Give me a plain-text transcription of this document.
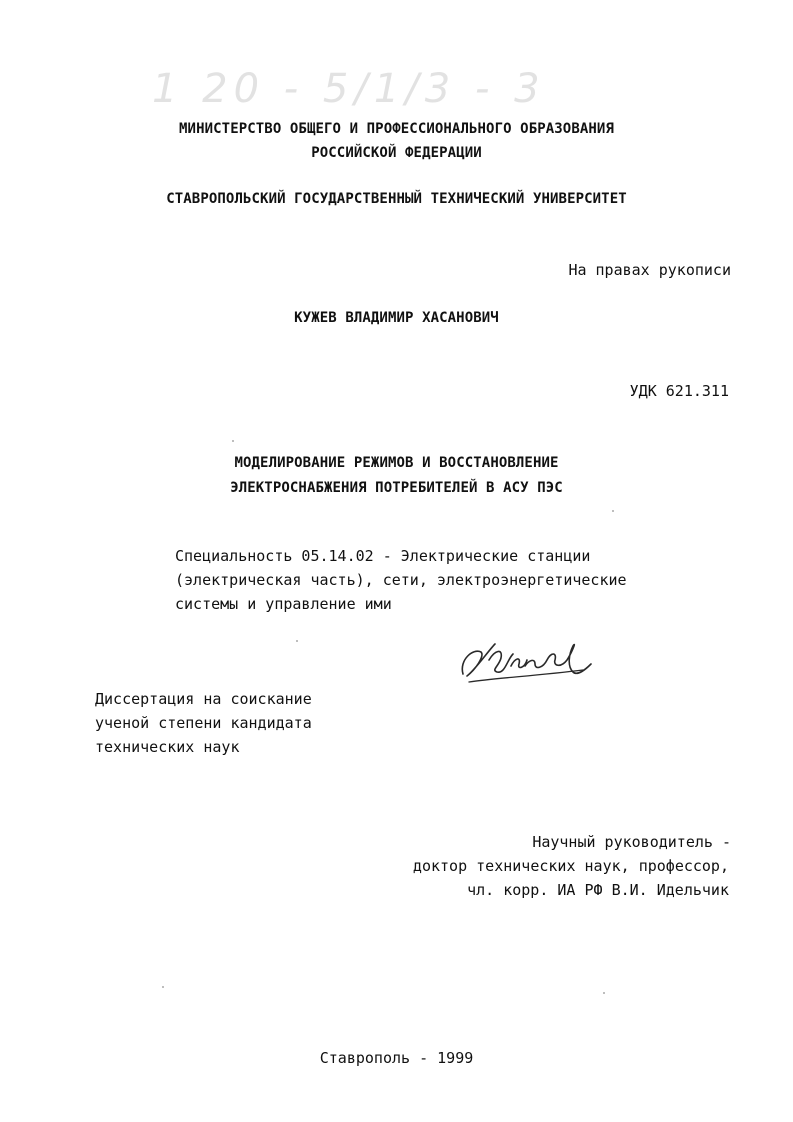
1 20 - 5/1/3 - 3
МИНИСТЕРСТВО ОБЩЕГО И ПРОФЕССИОНАЛЬНОГО ОБРАЗОВАНИЯ
РОССИЙСКОЙ ФЕДЕРАЦИИ
СТАВРОПОЛЬСКИЙ ГОСУДАРСТВЕННЫЙ ТЕХНИЧЕСКИЙ УНИВЕРСИТЕТ
На правах рукописи
КУЖЕВ ВЛАДИМИР ХАСАНОВИЧ
УДК 621.311
МОДЕЛИРОВАНИЕ РЕЖИМОВ И ВОССТАНОВЛЕНИЕ
ЭЛЕКТРОСНАБЖЕНИЯ ПОТРЕБИТЕЛЕЙ В АСУ ПЭС
Специальность 05.14.02 - Электрические станции
(электрическая часть), сети, электроэнергетические
системы и управление ими
Диссертация на соискание
ученой степени кандидата
технических наук
Научный руководитель -
доктор технических наук, профессор,
чл. корр. ИА РФ В.И. Идельчик
Ставрополь - 1999
